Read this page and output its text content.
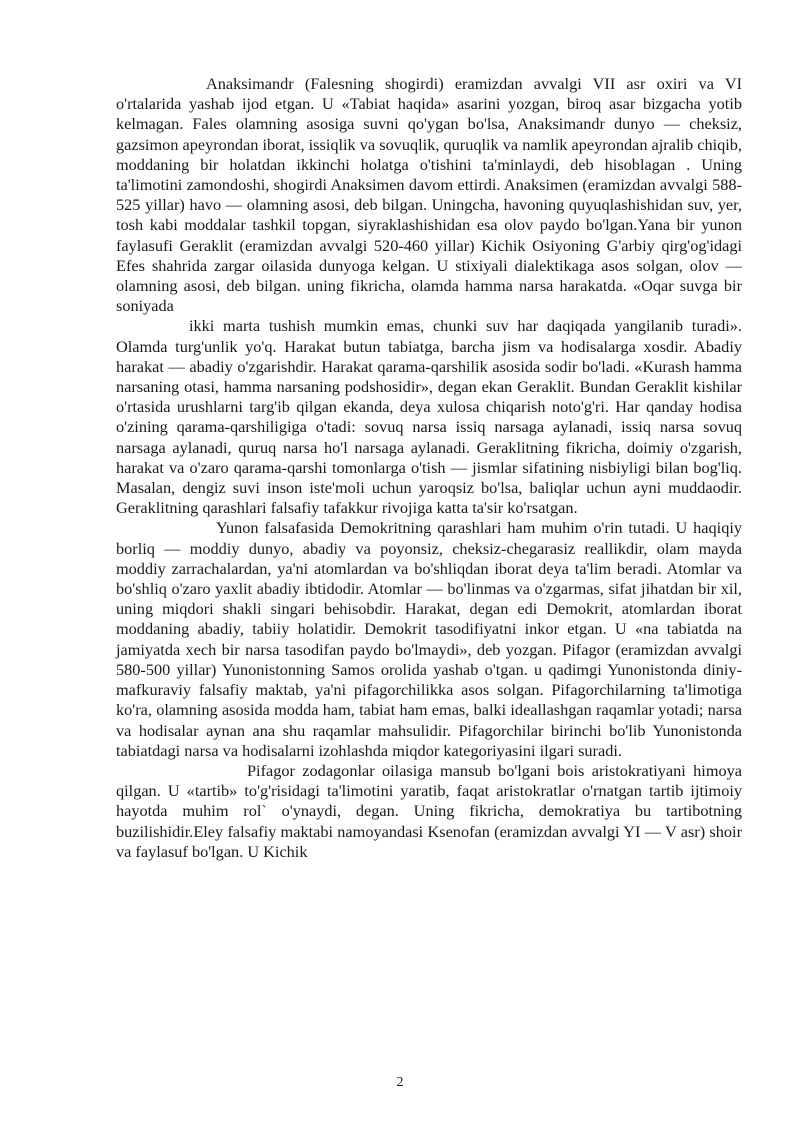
Anaksimandr (Falesning shogirdi) eramizdan avvalgi VII asr oxiri va VI o'rtalarida yashab ijod etgan. U «Tabiat haqida» asarini yozgan, biroq asar bizgacha yotib kelmagan. Fales olamning asosiga suvni qo'ygan bo'lsa, Anaksimandr dunyo — cheksiz, gazsimon apeyrondan iborat, issiqlik va sovuqlik, quruqlik va namlik apeyrondan ajralib chiqib, moddaning bir holatdan ikkinchi holatga o'tishini ta'minlaydi, deb hisoblagan . Uning ta'limotini zamondoshi, shogirdi Anaksimen davom ettirdi. Anaksimen (eramizdan avvalgi 588-525 yillar) havo — olamning asosi, deb bilgan. Uningcha, havoning quyuqlashishidan suv, yer, tosh kabi moddalar tashkil topgan, siyraklashishidan esa olov paydo bo'lgan.Yana bir yunon faylasufi Geraklit (eramizdan avvalgi 520-460 yillar) Kichik Osiyoning G'arbiy qirg'og'idagi Efes shahrida zargar oilasida dunyoga kelgan. U stixiyali dialektikaga asos solgan, olov — olamning asosi, deb bilgan. uning fikricha, olamda hamma narsa harakatda. «Oqar suvga bir soniyada

ikki marta tushish mumkin emas, chunki suv har daqiqada yangilanib turadi». Olamda turg'unlik yo'q. Harakat butun tabiatga, barcha jism va hodisalarga xosdir. Abadiy harakat — abadiy o'zgarishdir. Harakat qarama-qarshilik asosida sodir bo'ladi. «Kurash hamma narsaning otasi, hamma narsaning podshosidir», degan ekan Geraklit. Bundan Geraklit kishilar o'rtasida urushlarni targ'ib qilgan ekanda, deya xulosa chiqarish noto'g'ri. Har qanday hodisa o'zining qarama-qarshiligiga o'tadi: sovuq narsa issiq narsaga aylanadi, issiq narsa sovuq narsaga aylanadi, quruq narsa ho'l narsaga aylanadi. Geraklitning fikricha, doimiy o'zgarish, harakat va o'zaro qarama-qarshi tomonlarga o'tish — jismlar sifatining nisbiyligi bilan bog'liq. Masalan, dengiz suvi inson iste'moli uchun yaroqsiz bo'lsa, baliqlar uchun ayni muddaodir. Geraklitning qarashlari falsafiy tafakkur rivojiga katta ta'sir ko'rsatgan.

Yunon falsafasida Demokritning qarashlari ham muhim o'rin tutadi. U haqiqiy borliq — moddiy dunyo, abadiy va poyonsiz, cheksiz-chegarasiz reallikdir, olam mayda moddiy zarrachalardan, ya'ni atomlardan va bo'shliqdan iborat deya ta'lim beradi. Atomlar va bo'shliq o'zaro yaxlit abadiy ibtidodir. Atomlar — bo'linmas va o'zgarmas, sifat jihatdan bir xil, uning miqdori shakli singari behisobdir. Harakat, degan edi Demokrit, atomlardan iborat moddaning abadiy, tabiiy holatidir. Demokrit tasodifiyatni inkor etgan. U «na tabiatda na jamiyatda xech bir narsa tasodifan paydo bo'lmaydi», deb yozgan. Pifagor (eramizdan avvalgi 580-500 yillar) Yunonistonning Samos orolida yashab o'tgan. u qadimgi Yunonistonda diniy-mafkuraviy falsafiy maktab, ya'ni pifagorchilikka asos solgan. Pifagorchilarning ta'limotiga ko'ra, olamning asosida modda ham, tabiat ham emas, balki ideallashgan raqamlar yotadi; narsa va hodisalar aynan ana shu raqamlar mahsulidir. Pifagorchilar birinchi bo'lib Yunonistonda tabiatdagi narsa va hodisalarni izohlashda miqdor kategoriyasini ilgari suradi.

Pifagor zodagonlar oilasiga mansub bo'lgani bois aristokratiyani himoya qilgan. U «tartib» to'g'risidagi ta'limotini yaratib, faqat aristokratlar o'rnatgan tartib ijtimoiy hayotda muhim rol` o'ynaydi, degan. Uning fikricha, demokratiya bu tartibotning buzilishidir.Eley falsafiy maktabi namoyandasi Ksenofan (eramizdan avvalgi YI — V asr) shoir va faylasuf bo'lgan. U Kichik

2
